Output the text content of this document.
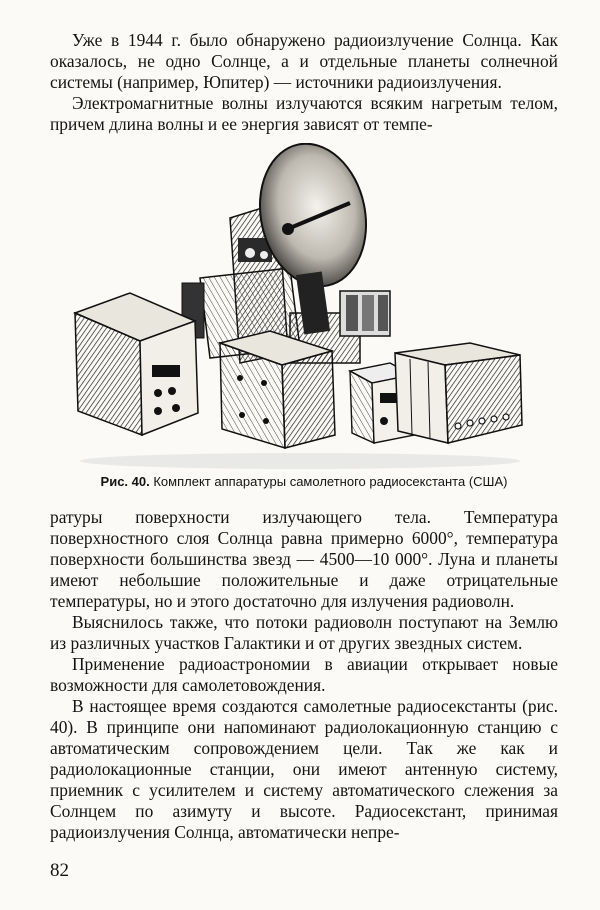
Уже в 1944 г. было обнаружено радиоизлучение Солнца. Как оказалось, не одно Солнце, а и отдельные планеты солнечной системы (например, Юпитер) — источники радиоизлучения.

Электромагнитные волны излучаются всяким нагретым телом, причем длина волны и ее энергия зависят от темпе-

Рис. 40. Комплект аппаратуры самолетного радиосекстанта (США)

ратуры поверхности излучающего тела. Температура поверхностного слоя Солнца равна примерно 6000°, температура поверхности большинства звезд — 4500—10 000°. Луна и планеты имеют небольшие положительные и даже отрицательные температуры, но и этого достаточно для излучения радиоволн.

Выяснилось также, что потоки радиоволн поступают на Землю из различных участков Галактики и от других звездных систем.

Применение радиоастрономии в авиации открывает новые возможности для самолетовождения.

В настоящее время создаются самолетные радиосекстанты (рис. 40). В принципе они напоминают радиолокационную станцию с автоматическим сопровождением цели. Так же как и радиолокационные станции, они имеют антенную систему, приемник с усилителем и систему автоматического слежения за Солнцем по азимуту и высоте. Радиосекстант, принимая радиоизлучения Солнца, автоматически непре-

82
